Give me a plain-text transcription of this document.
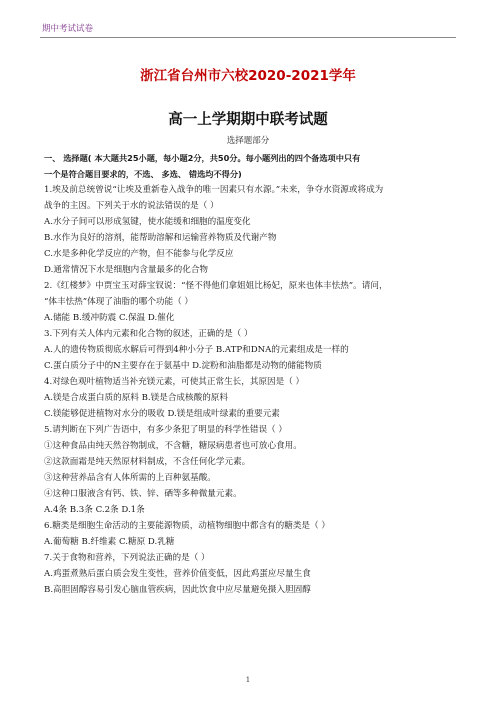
期中考试试卷
浙江省台州市六校2020-2021学年
高一上学期期中联考试题
选择题部分
一、 选择题( 本大题共25小题，每小题2分，共50分。每小题列出的四个备选项中只有
一个是符合题目要求的，不选、 多选、 错选均不得分)
1.埃及前总统曾说“让埃及重新卷入战争的唯一因素只有水源。”未来，争夺水资源或将成为
战争的主因。下列关于水的说法错误的是（ ）
A.水分子间可以形成氢键，使水能缓和细胞的温度变化
B.水作为良好的溶剂，能帮助溶解和运输营养物质及代谢产物
C.水是多种化学反应的产物，但不能参与化学反应
D.通常情况下水是细胞内含量最多的化合物
2.《红楼梦》中贾宝玉对薛宝钗说：“怪不得他们拿姐姐比杨妃，原来也体丰怯热”。请问，
“体丰怯热”体现了油脂的哪个功能（ ）
A.储能 B.缓冲防震 C.保温 D.催化
3.下列有关人体内元素和化合物的叙述，正确的是（ ）
A.人的遗传物质彻底水解后可得到4种小分子 B.ATP和DNA的元素组成是一样的
C.蛋白质分子中的N主要存在于氨基中 D.淀粉和油脂都是动物的储能物质
4.对绿色观叶植物适当补充镁元素，可使其正常生长，其原因是（ ）
A.镁是合成蛋白质的原料 B.镁是合成核酸的原料
C.镁能够促进植物对水分的吸收 D.镁是组成叶绿素的重要元素
5.请判断在下列广告语中，有多少条犯了明显的科学性错误（ ）
①这种食品由纯天然谷物制成，不含糖，糖尿病患者也可放心食用。
②这款面霜是纯天然原材料制成，不含任何化学元素。
③这种营养品含有人体所需的上百种氨基酸。
④这种口服液含有钙、铁、锌、硒等多种微量元素。
A.4条 B.3条 C.2条 D.1条
6.糖类是细胞生命活动的主要能源物质，动植物细胞中都含有的糖类是（ ）
A.葡萄糖 B.纤维素 C.糖原 D.乳糖
7.关于食物和营养，下列说法正确的是（ ）
A.鸡蛋煮熟后蛋白质会发生变性，营养价值变低，因此鸡蛋应尽量生食
B.高胆固醇容易引发心脑血管疾病，因此饮食中应尽量避免摄入胆固醇
1
